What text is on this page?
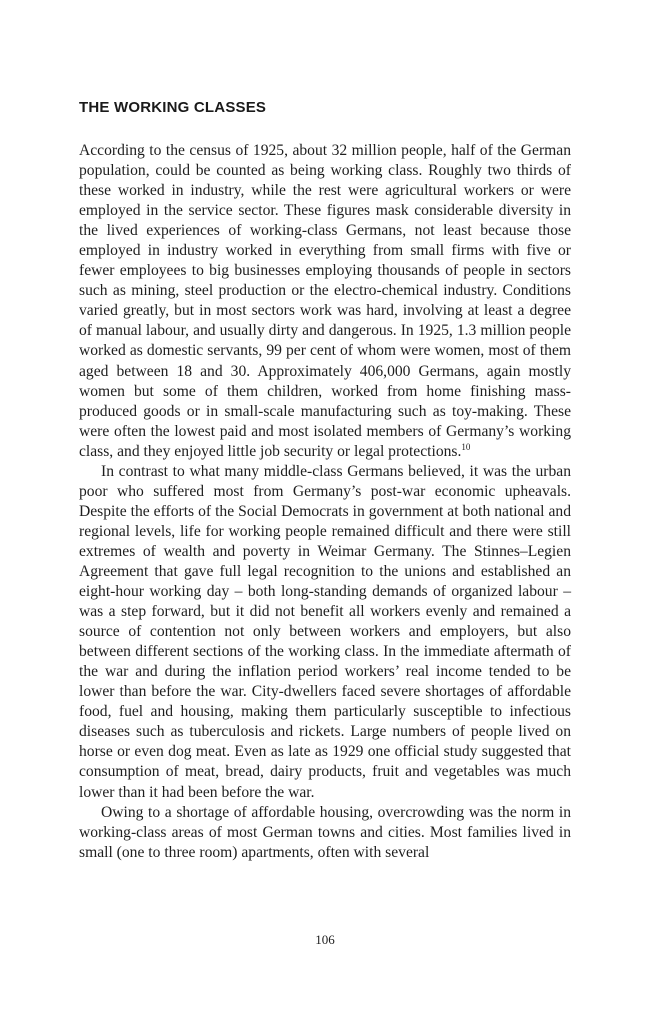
THE WORKING CLASSES

According to the census of 1925, about 32 million people, half of the German population, could be counted as being working class. Roughly two thirds of these worked in industry, while the rest were agricultural workers or were employed in the service sector. These figures mask considerable diversity in the lived experiences of working-class Germans, not least because those employed in industry worked in everything from small firms with five or fewer employees to big businesses employing thousands of people in sectors such as mining, steel production or the electro-chemical industry. Conditions varied greatly, but in most sectors work was hard, involving at least a degree of manual labour, and usually dirty and dangerous. In 1925, 1.3 million people worked as domestic servants, 99 per cent of whom were women, most of them aged between 18 and 30. Approximately 406,000 Germans, again mostly women but some of them children, worked from home finishing mass-produced goods or in small-scale manufacturing such as toy-making. These were often the lowest paid and most isolated members of Germany’s working class, and they enjoyed little job security or legal protections.$^{10}$

In contrast to what many middle-class Germans believed, it was the urban poor who suffered most from Germany’s post-war economic upheavals. Despite the efforts of the Social Democrats in government at both national and regional levels, life for working people remained difficult and there were still extremes of wealth and poverty in Weimar Germany. The Stinnes–Legien Agreement that gave full legal recognition to the unions and established an eight-hour working day – both long-standing demands of organized labour – was a step forward, but it did not benefit all workers evenly and remained a source of contention not only between workers and employers, but also between different sections of the working class. In the immediate aftermath of the war and during the inflation period workers’ real income tended to be lower than before the war. City-dwellers faced severe shortages of affordable food, fuel and housing, making them particularly susceptible to infectious diseases such as tuberculosis and rickets. Large numbers of people lived on horse or even dog meat. Even as late as 1929 one official study suggested that consumption of meat, bread, dairy products, fruit and vegetables was much lower than it had been before the war.

Owing to a shortage of affordable housing, overcrowding was the norm in working-class areas of most German towns and cities. Most families lived in small (one to three room) apartments, often with several

106
